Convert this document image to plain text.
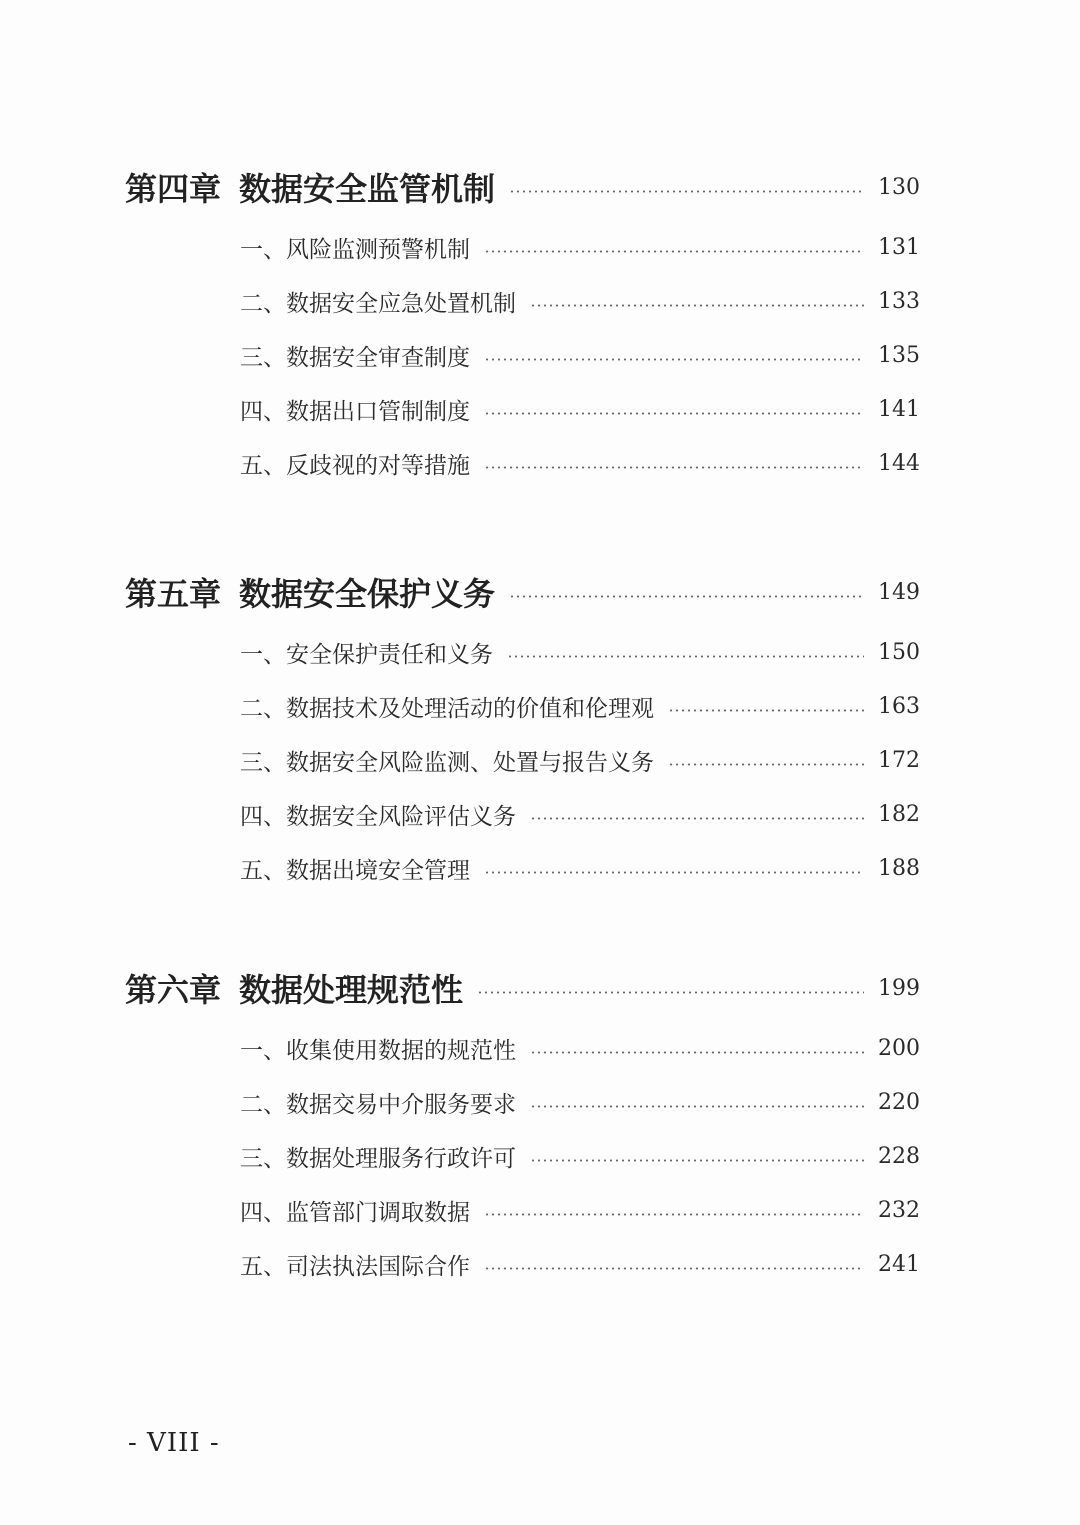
第四章 数据安全监管机制	130
一、 风险监测预警机制	131
二、 数据安全应急处置机制	133
三、 数据安全审查制度	135
四、 数据出口管制制度	141
五、 反歧视的对等措施	144
第五章 数据安全保护义务	149
一、 安全保护责任和义务	150
二、 数据技术及处理活动的价值和伦理观	163
三、 数据安全风险监测、处置与报告义务	172
四、 数据安全风险评估义务	182
五、 数据出境安全管理	188
第六章 数据处理规范性	199
一、 收集使用数据的规范性	200
二、 数据交易中介服务要求	220
三、 数据处理服务行政许可	228
四、 监管部门调取数据	232
五、 司法执法国际合作	241
- VIII -
